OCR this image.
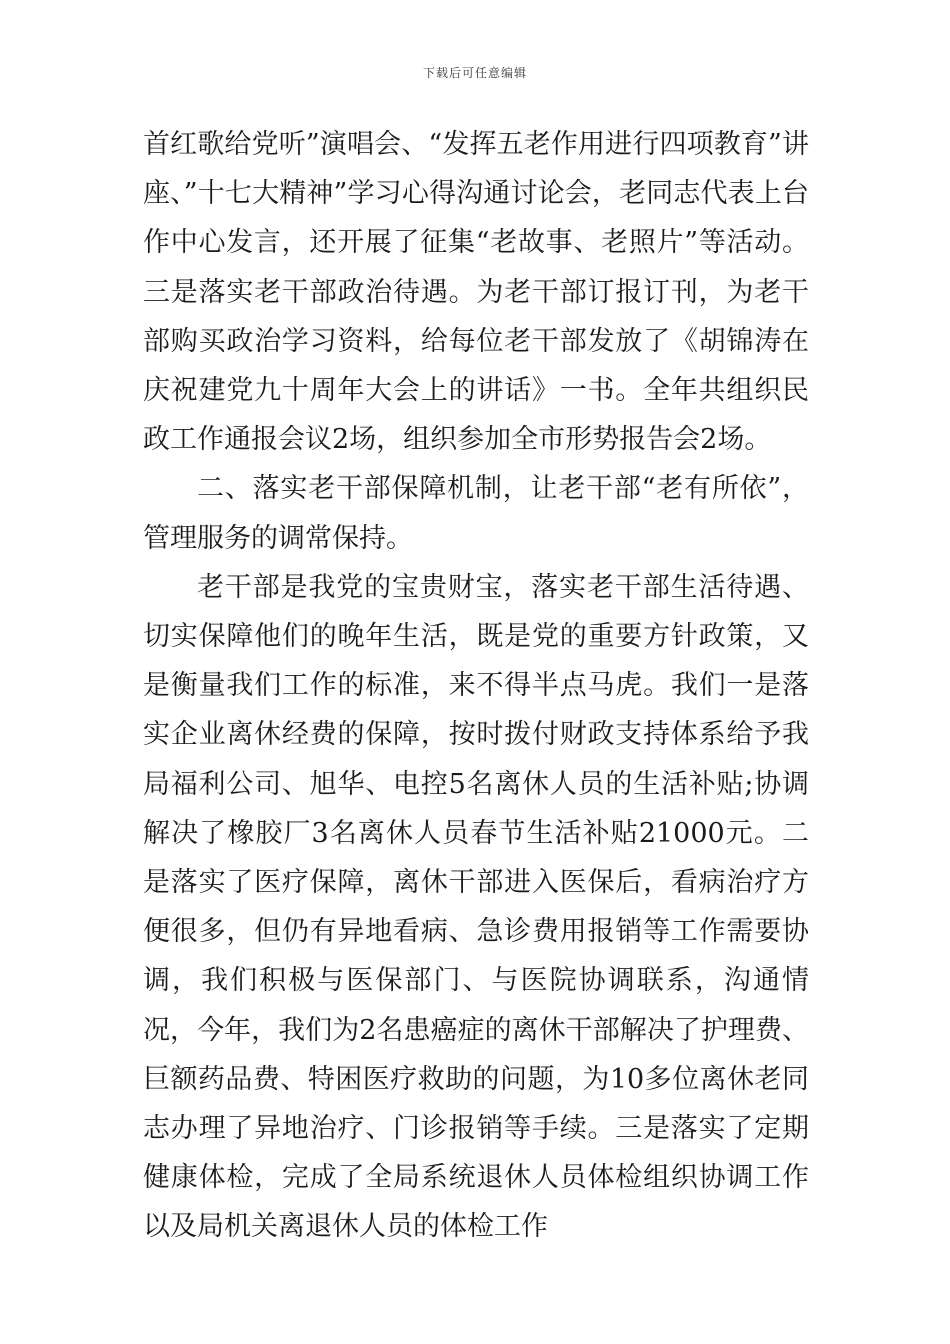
下载后可任意编辑

首红歌给党听”演唱会、“发挥五老作用进行四项教育”讲座、”十七大精神”学习心得沟通讨论会，老同志代表上台作中心发言，还开展了征集“老故事、老照片”等活动。三是落实老干部政治待遇。为老干部订报订刊，为老干部购买政治学习资料，给每位老干部发放了《胡锦涛在庆祝建党九十周年大会上的讲话》一书。全年共组织民政工作通报会议2场，组织参加全市形势报告会2场。

二、落实老干部保障机制，让老干部“老有所依”，管理服务的调常保持。

老干部是我党的宝贵财宝，落实老干部生活待遇、切实保障他们的晚年生活，既是党的重要方针政策，又是衡量我们工作的标准，来不得半点马虎。我们一是落实企业离休经费的保障，按时拨付财政支持体系给予我局福利公司、旭华、电控5名离休人员的生活补贴;协调解决了橡胶厂3名离休人员春节生活补贴21000元。二是落实了医疗保障，离休干部进入医保后，看病治疗方便很多，但仍有异地看病、急诊费用报销等工作需要协调，我们积极与医保部门、与医院协调联系，沟通情况，今年，我们为2名患癌症的离休干部解决了护理费、巨额药品费、特困医疗救助的问题，为10多位离休老同志办理了异地治疗、门诊报销等手续。三是落实了定期健康体检，完成了全局系统退休人员体检组织协调工作以及局机关离退休人员的体检工作
